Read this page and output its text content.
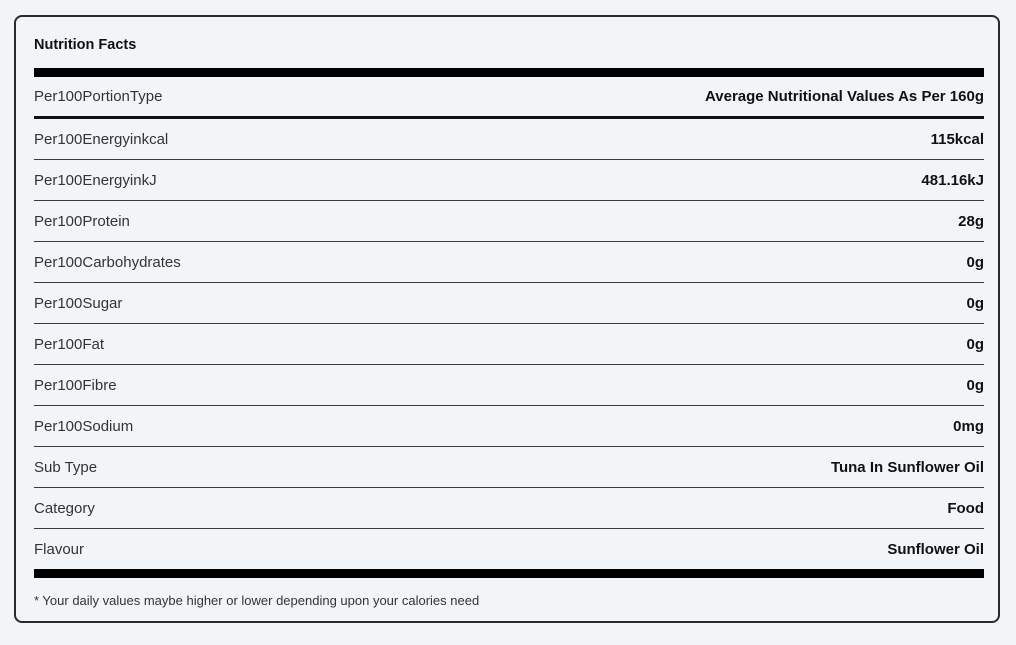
Nutrition Facts
Per100PortionType	Average Nutritional Values As Per 160g
Per100Energyinkcal	115kcal
Per100EnergyinkJ	481.16kJ
Per100Protein	28g
Per100Carbohydrates	0g
Per100Sugar	0g
Per100Fat	0g
Per100Fibre	0g
Per100Sodium	0mg
Sub Type	Tuna In Sunflower Oil
Category	Food
Flavour	Sunflower Oil
* Your daily values maybe higher or lower depending upon your calories need
